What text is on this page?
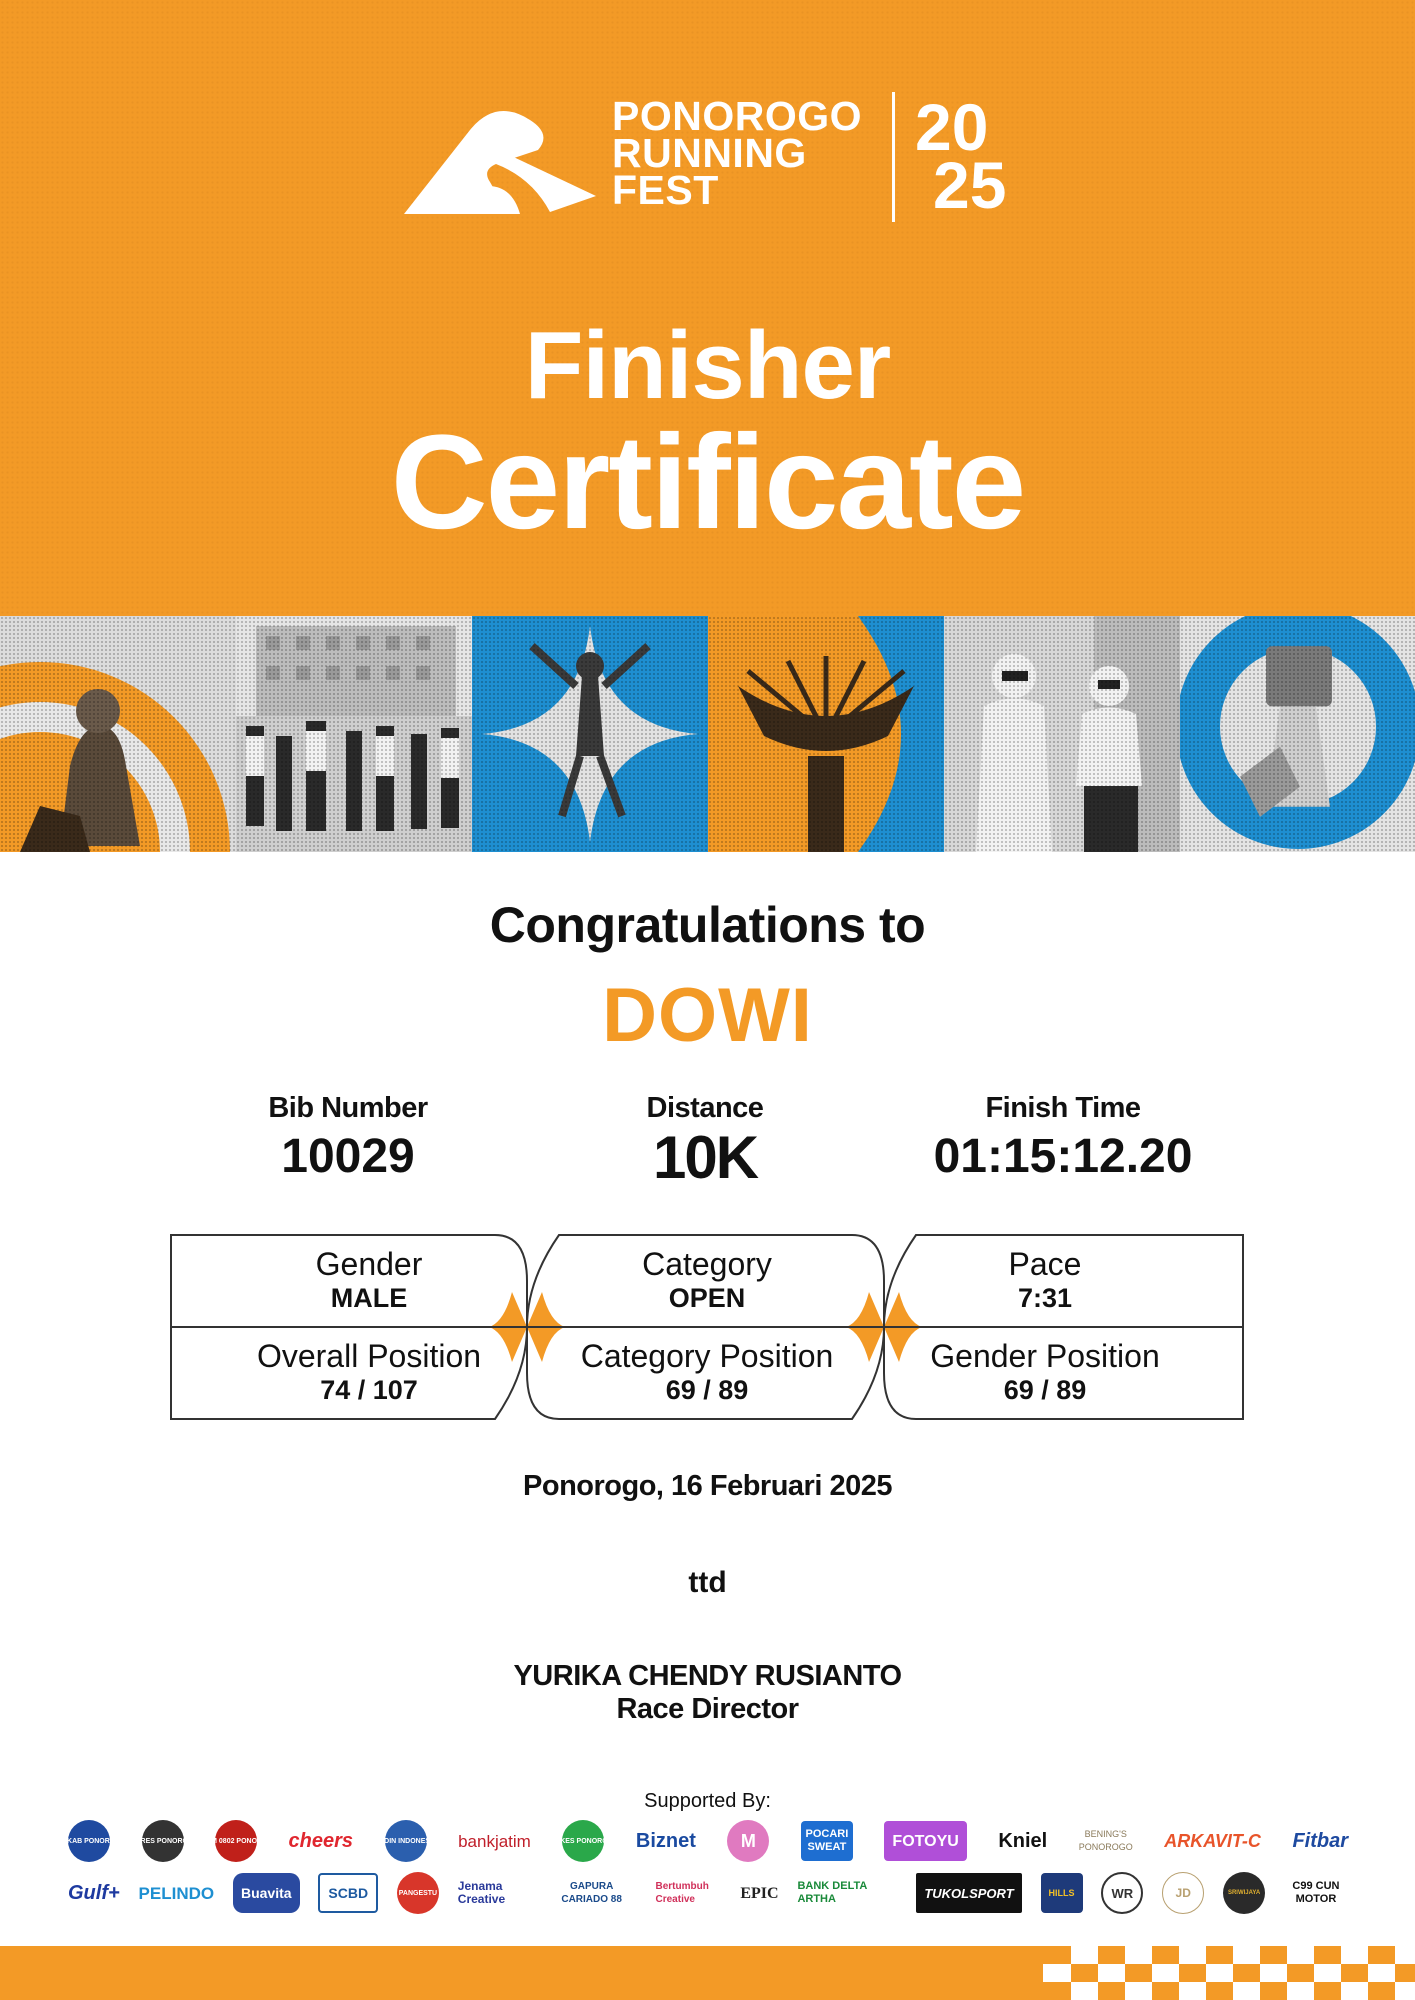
PONOROGO
RUNNING
FEST
20
25
Finisher
Certificate
Congratulations to
DOWI
Bib Number
10029
Distance
10K
Finish Time
01:15:12.20
Gender
MALE
Category
OPEN
Pace
7:31
Overall Position
74 / 107
Category Position
69 / 89
Gender Position
69 / 89
Ponorogo, 16 Februari 2025
ttd
YURIKA CHENDY RUSIANTO
Race Director
Supported By:
PEMKAB PONOROGO POLRES PONOROGO
KODIM 0802 PONOROGO cheers	KADIN INDONESIA bankjatim DINKES PONOROGO Biznet	M	POCARI SWEAT	FOTOYU	Kniel	BENING'S PONOROGO ARKAVIT-C Fitbar
Gulf+ PELINDO	Buavita	SCBD	PANGESTU Jenama Creative
GAPURA CARIADO 88
Bertumbuh Creative	EPIC BANK DELTA ARTHA	TUKOLSPORT	HILLS	WR	JD	SRIWIJAYA
C99 CUN MOTOR
